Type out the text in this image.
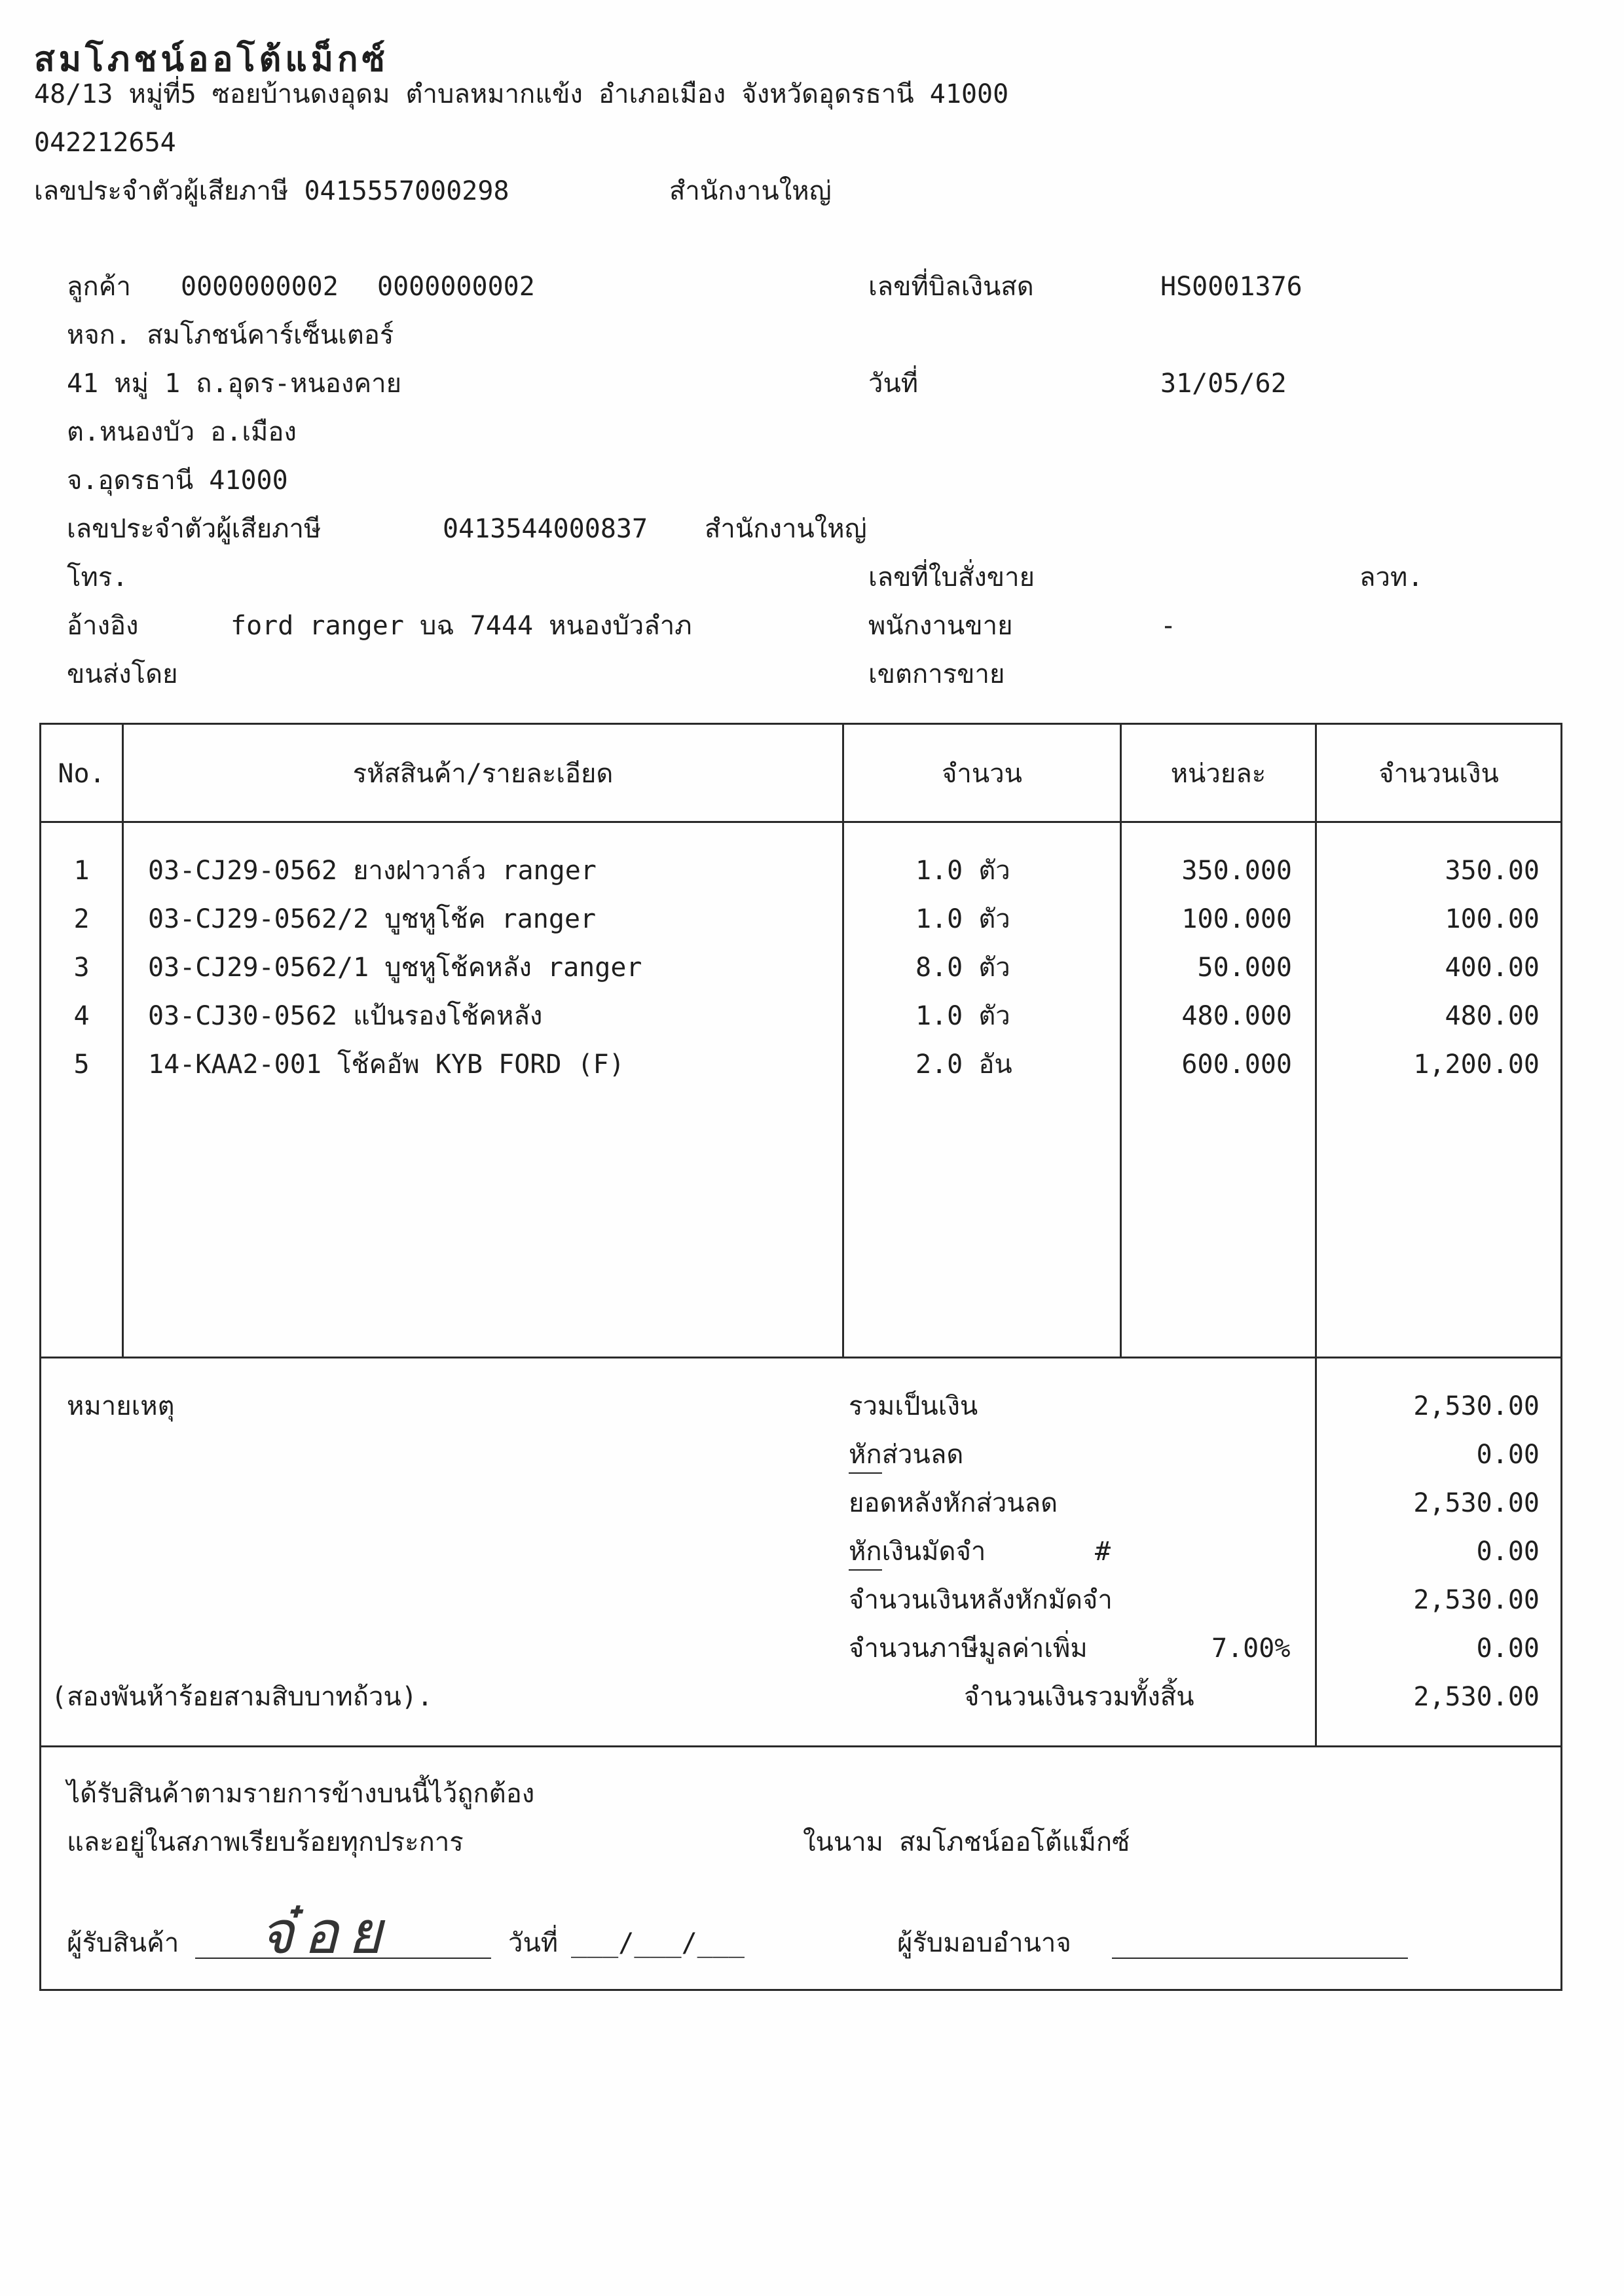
สมโภชน์ออโต้แม็กซ์
48/13 หมู่ที่5 ซอยบ้านดงอุดม ตำบลหมากแข้ง อำเภอเมือง จังหวัดอุดรธานี 41000
042212654
เลขประจำตัวผู้เสียภาษี 0415557000298	สำนักงานใหญ่
ลูกค้า 0000000002 0000000002
หจก. สมโภชน์คาร์เซ็นเตอร์
41 หมู่ 1 ถ.อุดร-หนองคาย
ต.หนองบัว อ.เมือง
จ.อุดรธานี 41000
เลขประจำตัวผู้เสียภาษี	0413544000837 สำนักงานใหญ่
โทร.
อ้างอิง	ford ranger บฉ 7444 หนองบัวลำภ
ขนส่งโดย
เลขที่บิลเงินสด	HS0001376
วันที่	31/05/62
เลขที่ใบสั่งขาย	ลวท.
พนักงานขาย	-
เขตการขาย
No.	รหัสสินค้า/รายละเอียด	จำนวน	หน่วยละ	จำนวนเงิน
1	03-CJ29-0562 ยางฝาวาล์ว ranger	1.0 ตัว	350.000	350.00
2	03-CJ29-0562/2 บูชหูโช้ค ranger	1.0 ตัว	100.000	100.00
3	03-CJ29-0562/1 บูชหูโช้คหลัง ranger	8.0 ตัว	50.000	400.00
4	03-CJ30-0562 แป้นรองโช้คหลัง	1.0 ตัว	480.000	480.00
5	14-KAA2-001 โช้คอัพ KYB FORD (F)	2.0 อัน	600.000	1,200.00
หมายเหตุ	รวมเป็นเงิน	2,530.00
หักส่วนลด	0.00
ยอดหลังหักส่วนลด	2,530.00
หักเงินมัดจำ	#	0.00
จำนวนเงินหลังหักมัดจำ	2,530.00
จำนวนภาษีมูลค่าเพิ่ม	7.00%	0.00
(สองพันห้าร้อยสามสิบบาทถ้วน).	จำนวนเงินรวมทั้งสิ้น	2,530.00
ได้รับสินค้าตามรายการข้างบนนี้ไว้ถูกต้อง
และอยู่ในสภาพเรียบร้อยทุกประการ	ในนาม สมโภชน์ออโต้แม็กซ์
ผู้รับสินค้า จ๋อย	วันที่ ___/___/___	ผู้รับมอบอำนาจ
